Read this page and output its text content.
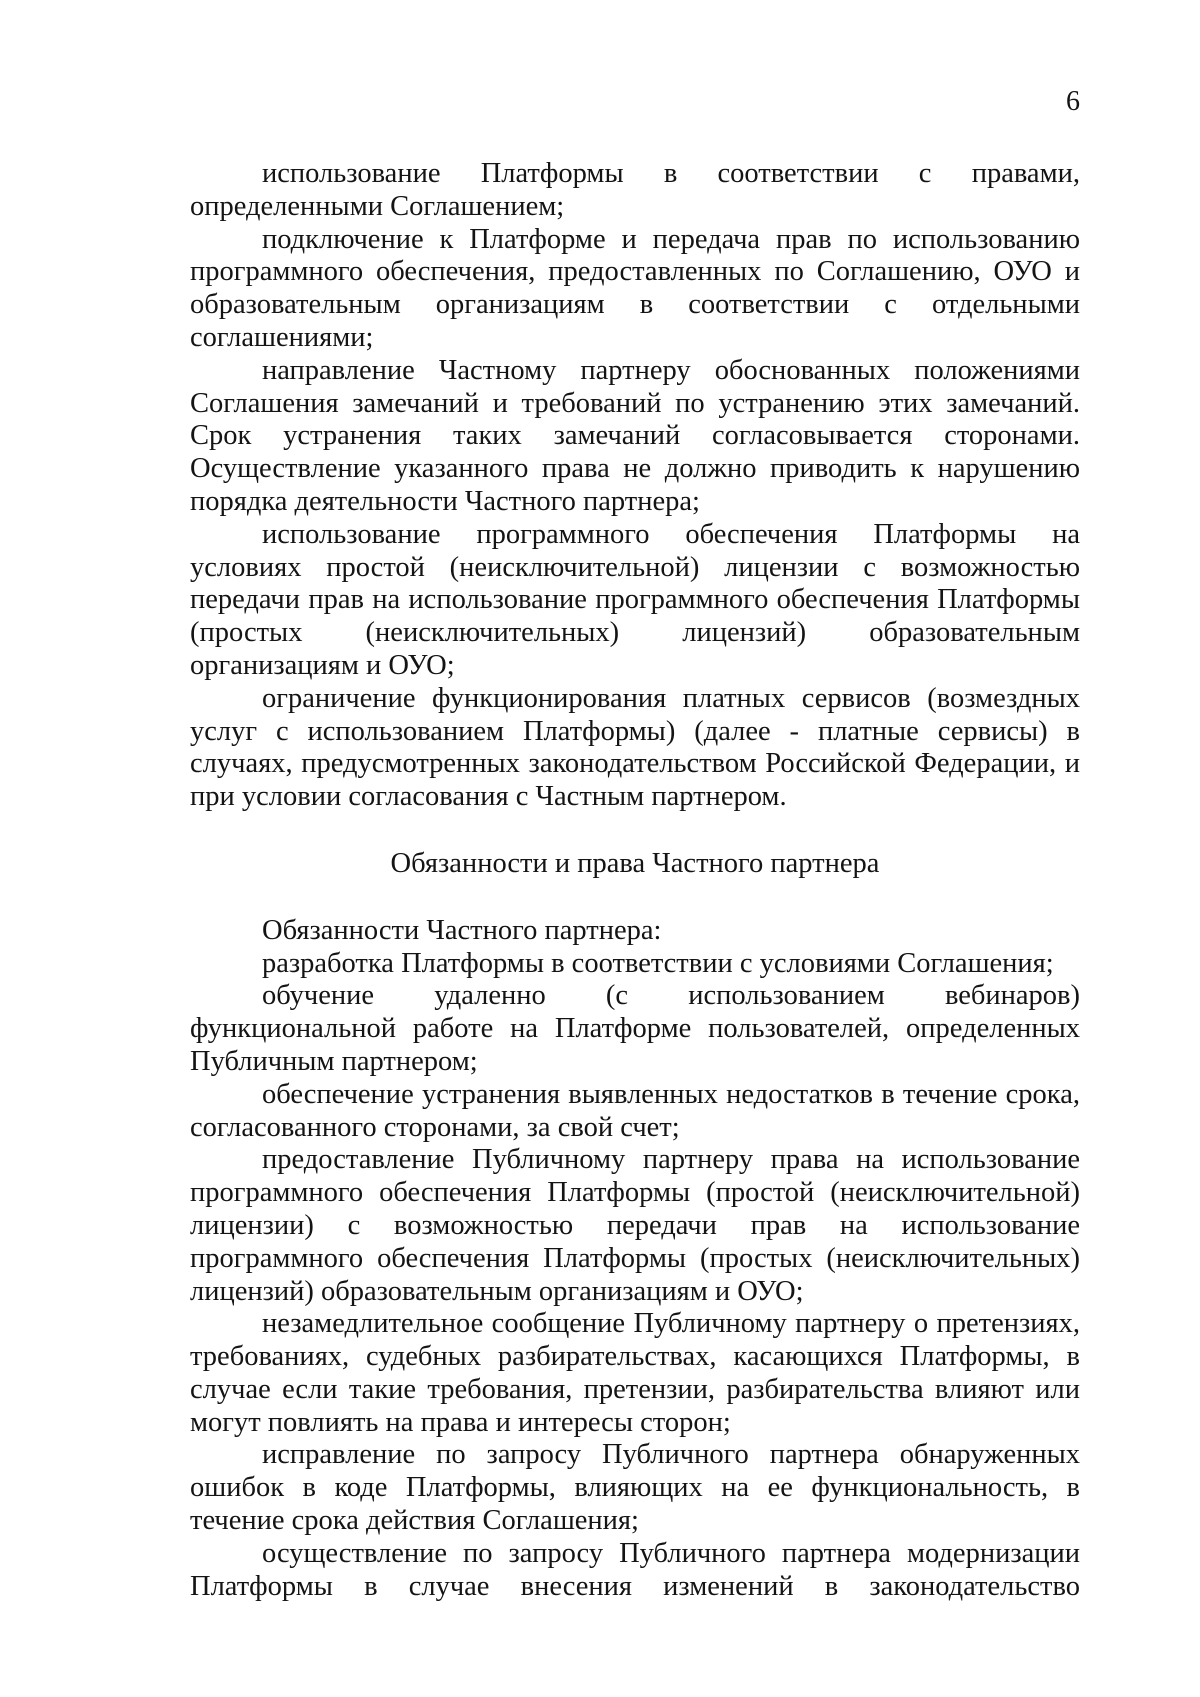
6

использование Платформы в соответствии с правами, определенными Соглашением;

подключение к Платформе и передача прав по использованию программного обеспечения, предоставленных по Соглашению, ОУО и образовательным организациям в соответствии с отдельными соглашениями;

направление Частному партнеру обоснованных положениями Соглашения замечаний и требований по устранению этих замечаний. Срок устранения таких замечаний согласовывается сторонами. Осуществление указанного права не должно приводить к нарушению порядка деятельности Частного партнера;

использование программного обеспечения Платформы на условиях простой (неисключительной) лицензии с возможностью передачи прав на использование программного обеспечения Платформы (простых (неисключительных) лицензий) образовательным организациям и ОУО;

ограничение функционирования платных сервисов (возмездных услуг с использованием Платформы) (далее - платные сервисы) в случаях, предусмотренных законодательством Российской Федерации, и при условии согласования с Частным партнером.

Обязанности и права Частного партнера

Обязанности Частного партнера:

разработка Платформы в соответствии с условиями Соглашения;

обучение удаленно (с использованием вебинаров) функциональной работе на Платформе пользователей, определенных Публичным партнером;

обеспечение устранения выявленных недостатков в течение срока, согласованного сторонами, за свой счет;

предоставление Публичному партнеру права на использование программного обеспечения Платформы (простой (неисключительной) лицензии) с возможностью передачи прав на использование программного обеспечения Платформы (простых (неисключительных) лицензий) образовательным организациям и ОУО;

незамедлительное сообщение Публичному партнеру о претензиях, требованиях, судебных разбирательствах, касающихся Платформы, в случае если такие требования, претензии, разбирательства влияют или могут повлиять на права и интересы сторон;

исправление по запросу Публичного партнера обнаруженных ошибок в коде Платформы, влияющих на ее функциональность, в течение срока действия Соглашения;

осуществление по запросу Публичного партнера модернизации Платформы в случае внесения изменений в законодательство
